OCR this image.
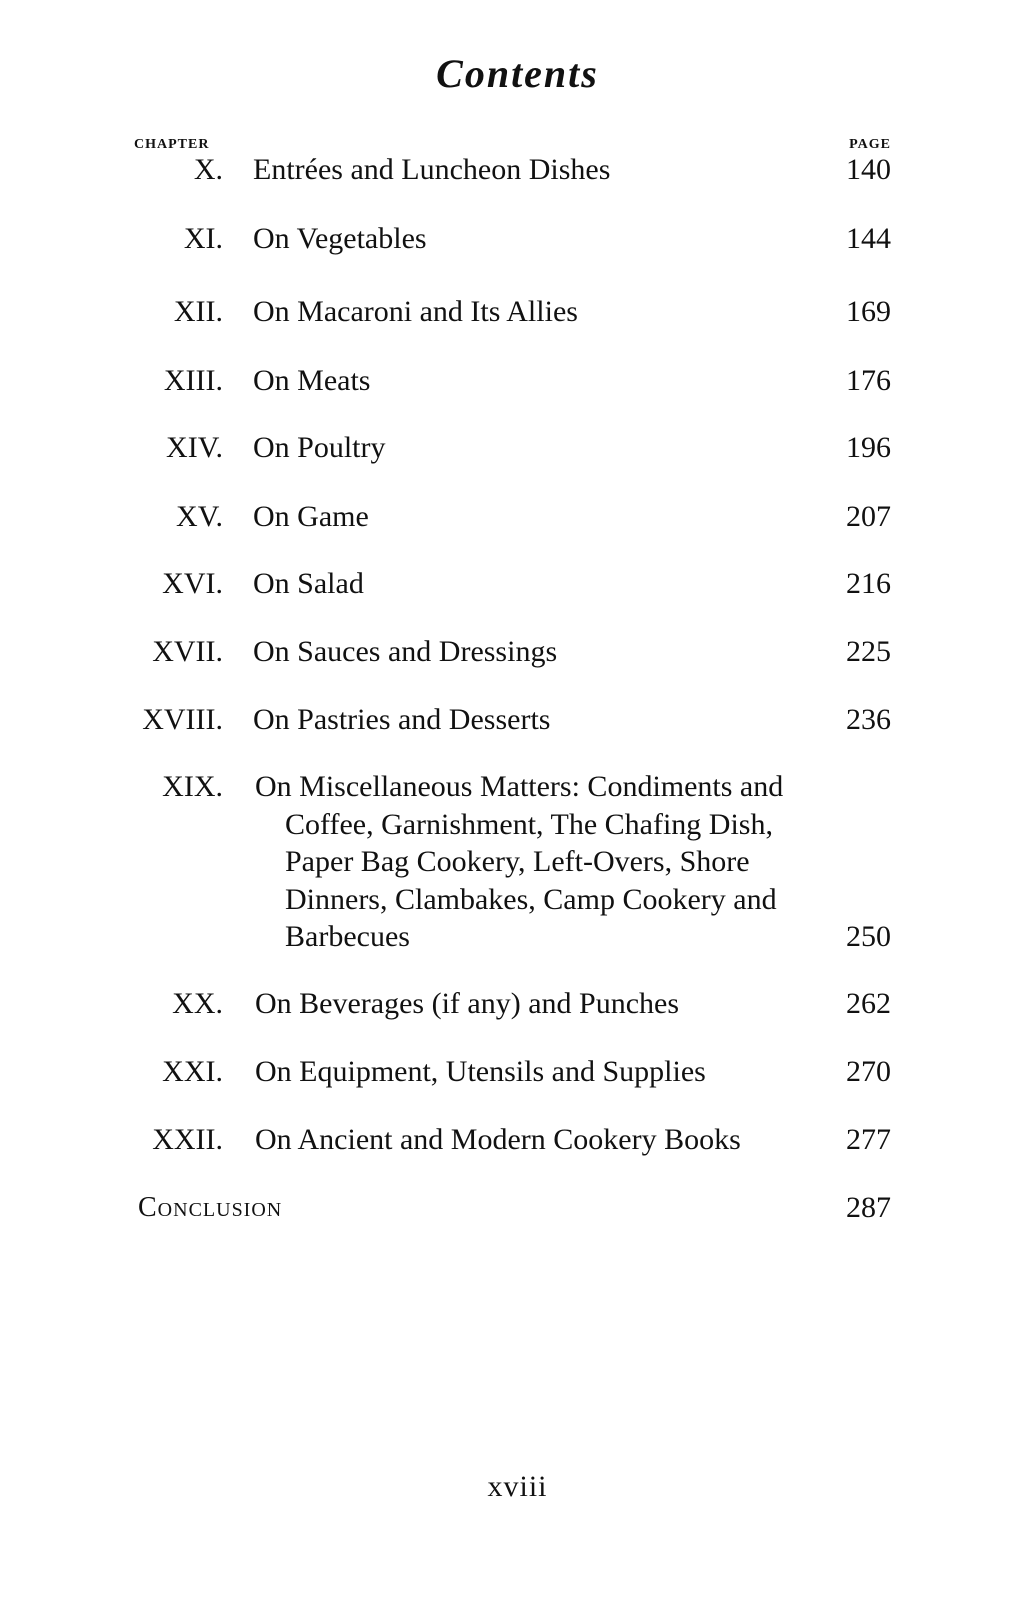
Contents
CHAPTER	PAGE
X. Entrées and Luncheon Dishes	140
XI. On Vegetables	144
XII. On Macaroni and Its Allies	169
XIII. On Meats	176
XIV. On Poultry	196
XV. On Game	207
XVI. On Salad	216
XVII. On Sauces and Dressings	225
XVIII. On Pastries and Desserts	236
XIX. On Miscellaneous Matters: Condiments and
Coffee, Garnishment, The Chafing Dish,
Paper Bag Cookery, Left-Overs, Shore
Dinners, Clambakes, Camp Cookery and
Barbecues	250
XX. On Beverages (if any) and Punches	262
XXI. On Equipment, Utensils and Supplies	270
XXII. On Ancient and Modern Cookery Books	277
Conclusion	287
xviii
